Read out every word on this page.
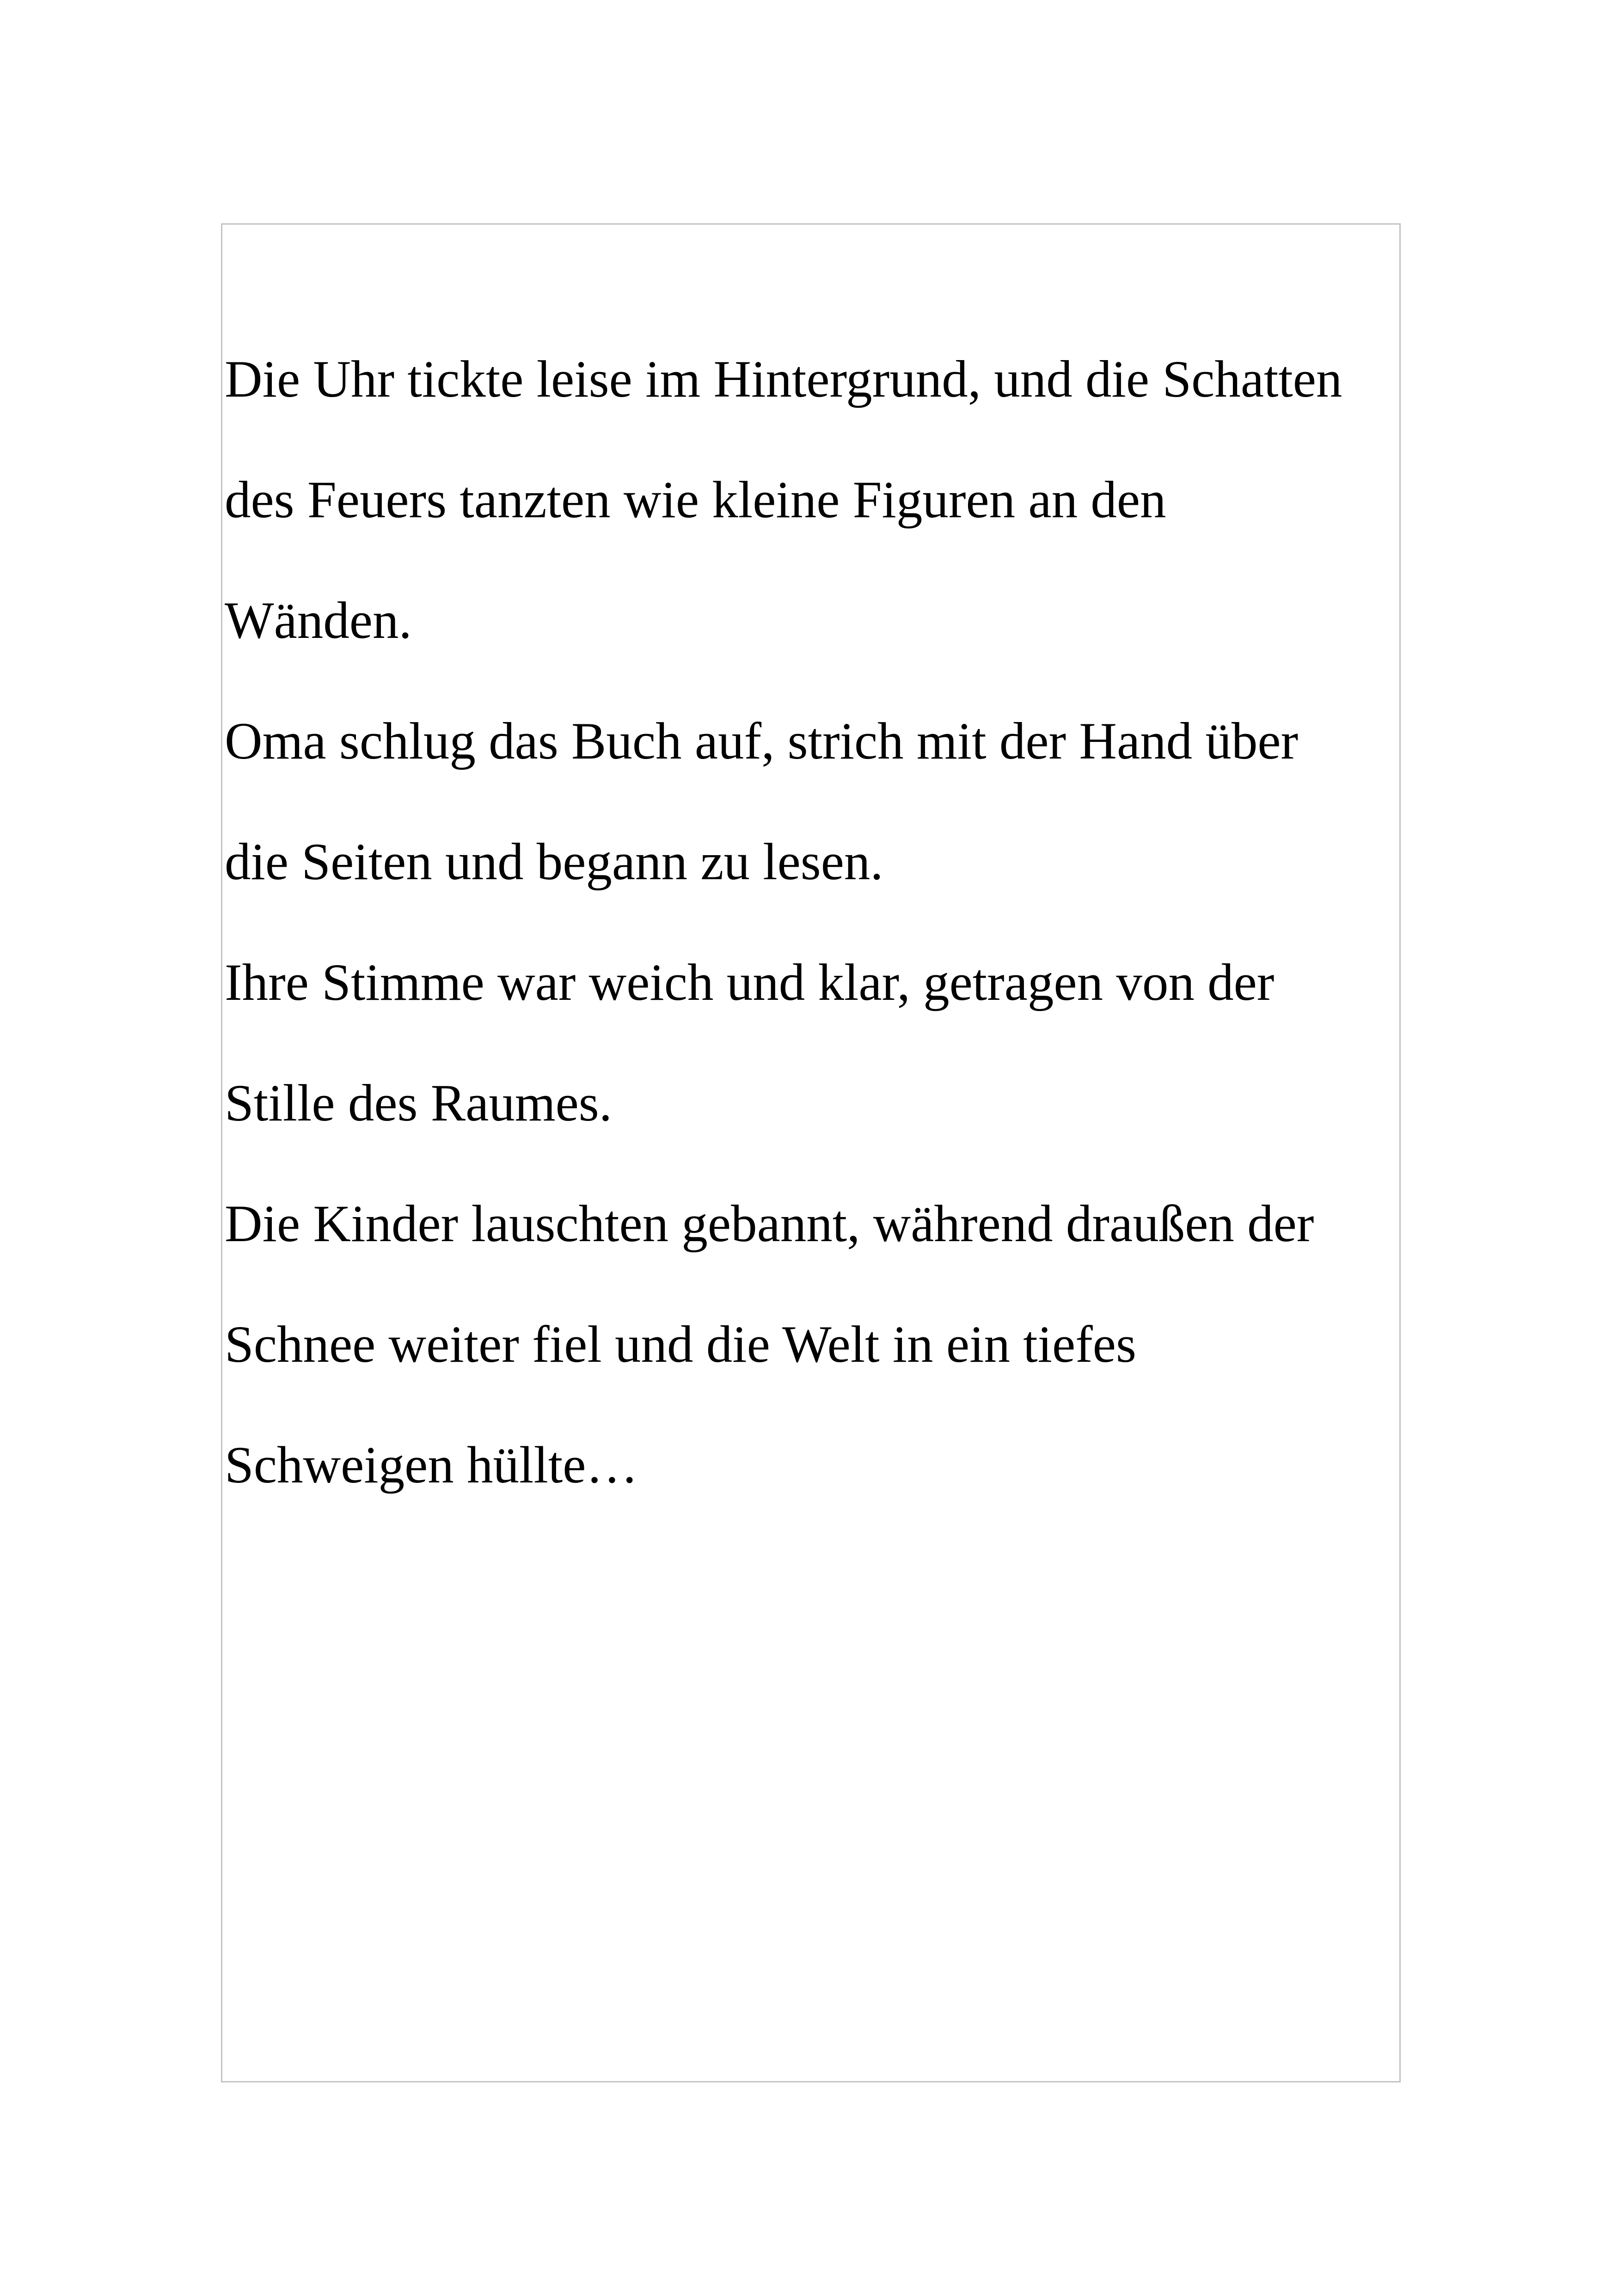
Die Uhr tickte leise im Hintergrund, und die Schatten

des Feuers tanzten wie kleine Figuren an den

Wänden.

Oma schlug das Buch auf, strich mit der Hand über

die Seiten und begann zu lesen.

Ihre Stimme war weich und klar, getragen von der

Stille des Raumes.

Die Kinder lauschten gebannt, während draußen der

Schnee weiter fiel und die Welt in ein tiefes

Schweigen hüllte…
